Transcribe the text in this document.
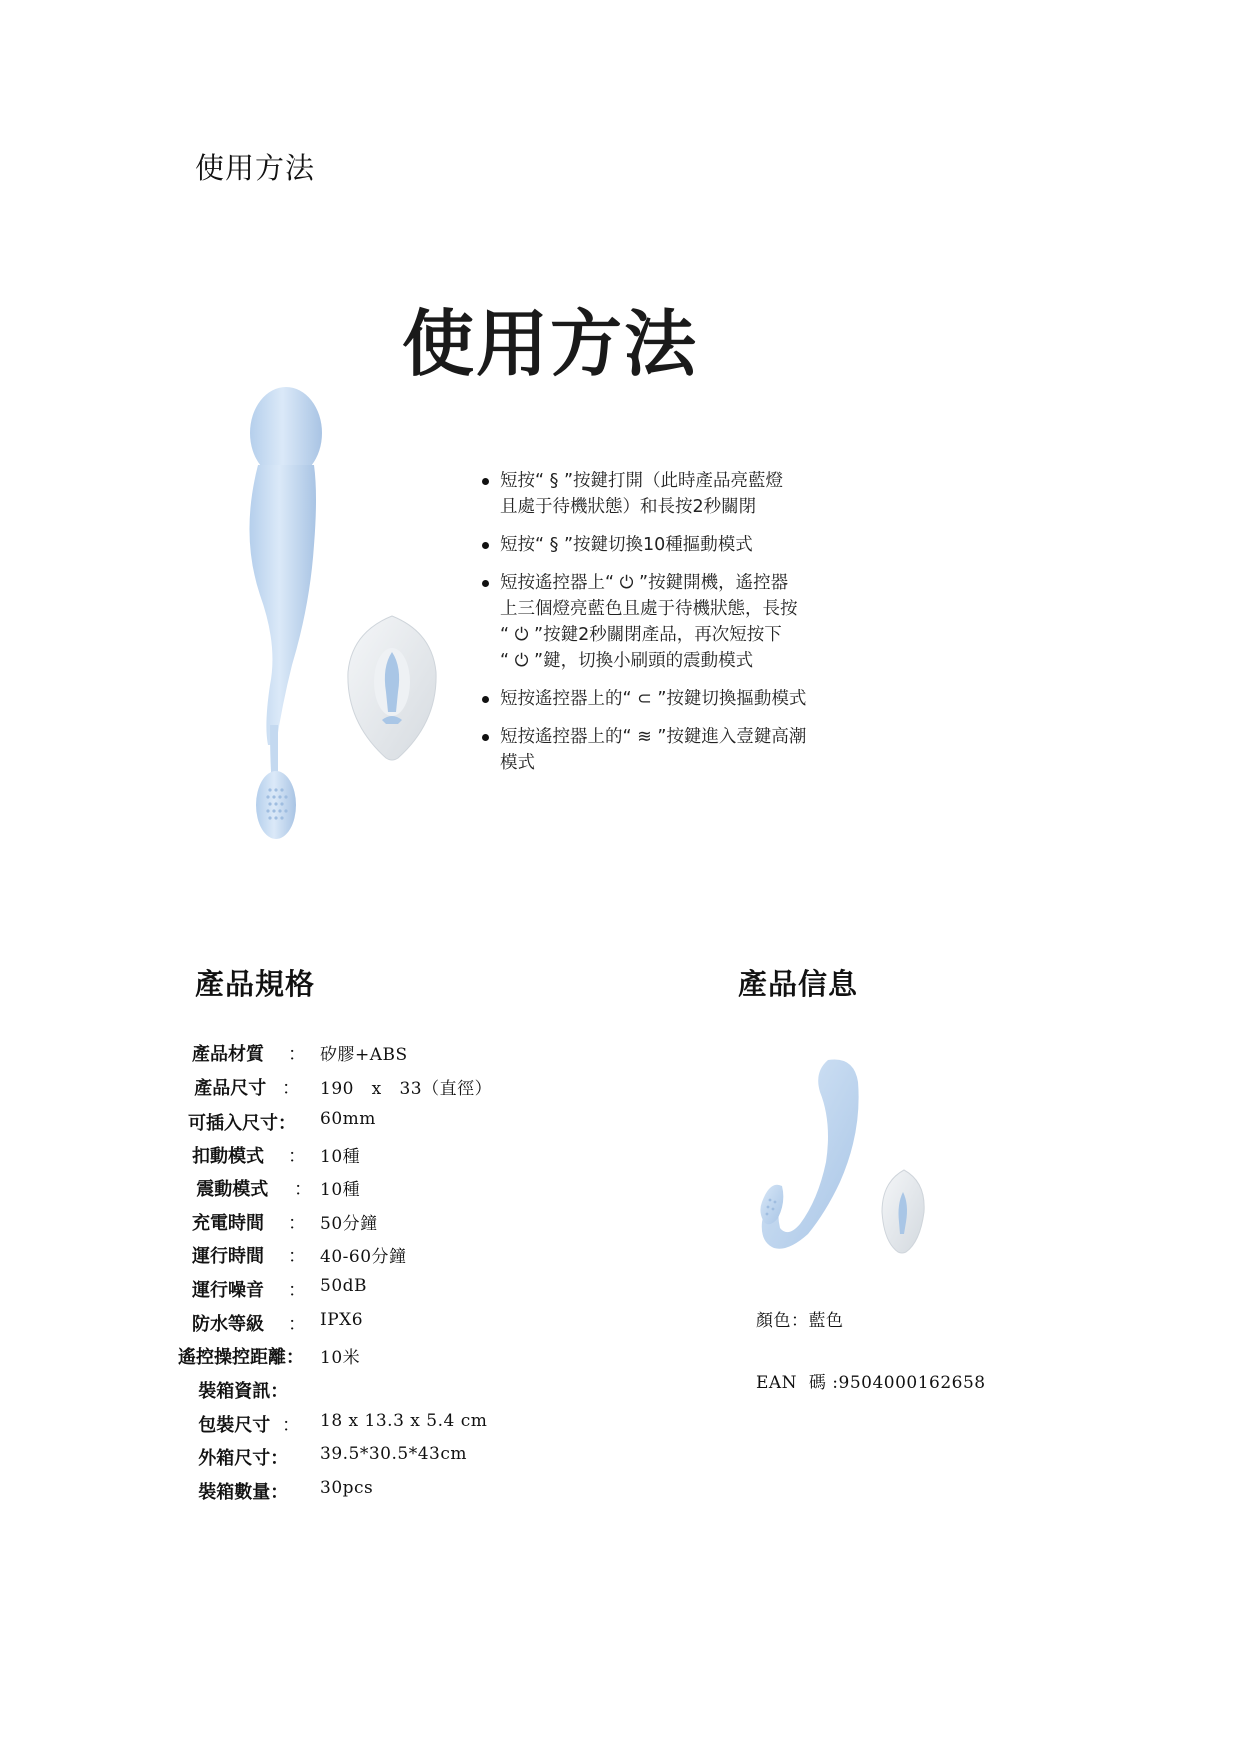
使用方法
使用方法
短按“ § ”按鍵打開（此時產品亮藍燈
且處于待機狀態）和長按2秒關閉
短按“ § ”按鍵切換10種摳動模式
短按遙控器上“ ⏻ ”按鍵開機，遙控器
上三個燈亮藍色且處于待機狀態，長按
“ ⏻ ”按鍵2秒關閉產品，再次短按下
“ ⏻ ”鍵，切換小刷頭的震動模式
短按遙控器上的“ ⊂ ”按鍵切換摳動模式
短按遙控器上的“ ≋ ”按鍵進入壹鍵高潮
模式
產品規格
產品材質 ： 矽膠+ABS
產品尺寸 ： 190   x   33（直徑）
可插入尺寸： 60mm
扣動模式 ： 10種
震動模式 ： 10種
充電時間 ： 50分鐘
運行時間 ： 40-60分鐘
運行噪音 ： 50dB
防水等級 ： IPX6
遙控操控距離： 10米
裝箱資訊：
包裝尺寸 ： 18 x 13.3 x 5.4 cm
外箱尺寸： 39.5*30.5*43cm
裝箱數量： 30pcs
產品信息
顏色：藍色
EAN  碼 :9504000162658
